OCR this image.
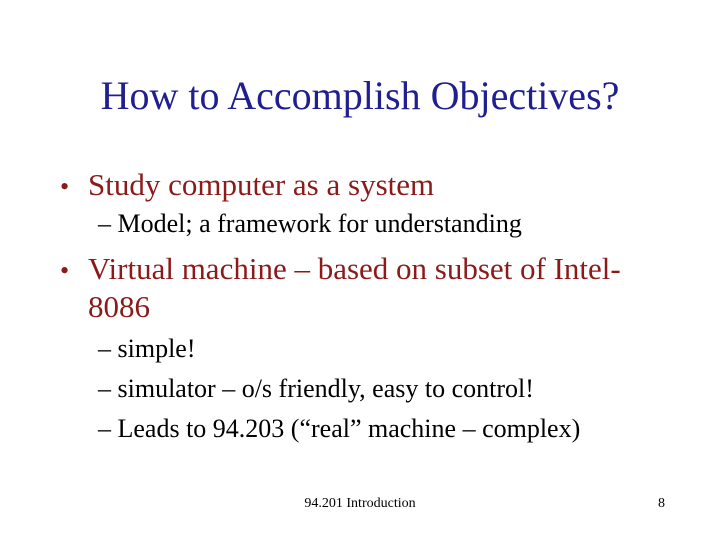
How to Accomplish Objectives?
• Study computer as a system
– Model; a framework for understanding
• Virtual machine – based on subset of Intel-
8086
– simple!
– simulator – o/s friendly, easy to control!
– Leads to 94.203 (“real” machine – complex)
94.201 Introduction	8
